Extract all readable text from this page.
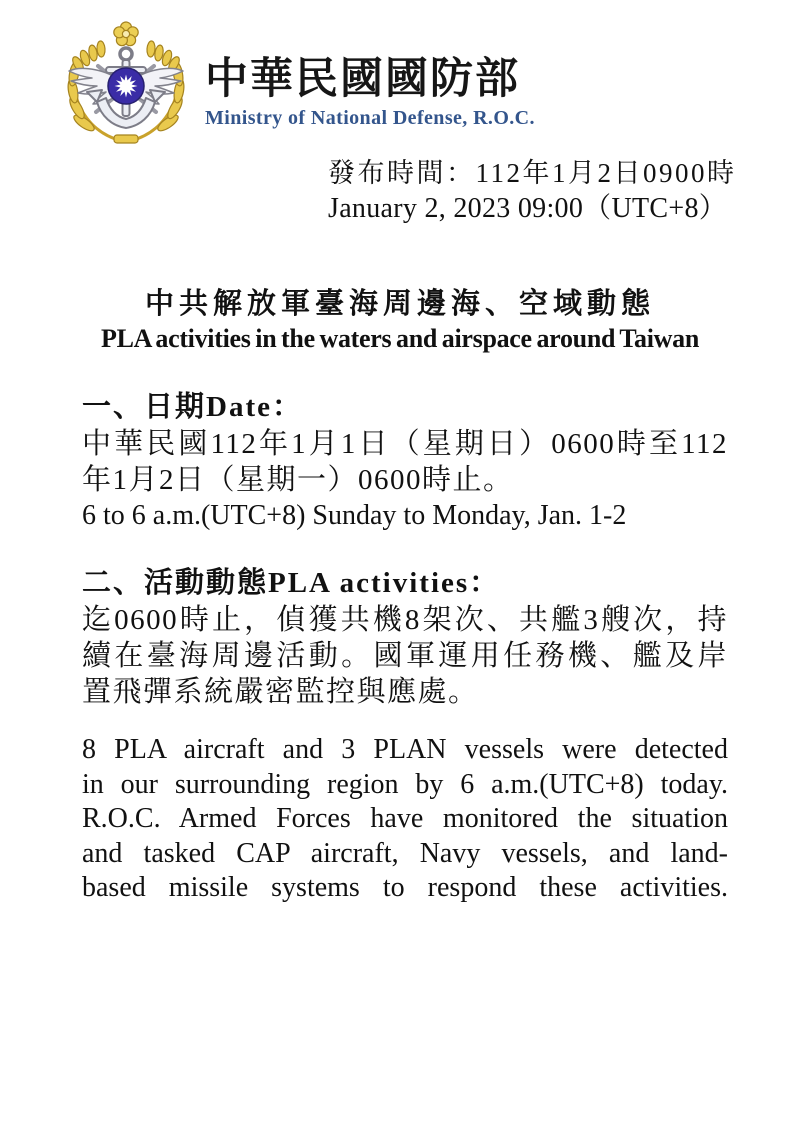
中華民國國防部
Ministry of National Defense, R.O.C.
發布時間：112年1月2日0900時
January 2, 2023 09:00（UTC+8）
中共解放軍臺海周邊海、空域動態
PLA activities in the waters and airspace around Taiwan
一、日期Date：
中華民國112年1月1日（星期日）0600時至112
年1月2日（星期一）0600時止。
6 to 6 a.m.(UTC+8) Sunday to Monday, Jan. 1-2
二、活動動態PLA activities：
迄0600時止，偵獲共機8架次、共艦3艘次，持
續在臺海周邊活動。國軍運用任務機、艦及岸
置飛彈系統嚴密監控與應處。
8 PLA aircraft and 3 PLAN vessels were detected
in our surrounding region by 6 a.m.(UTC+8) today.
R.O.C. Armed Forces have monitored the situation
and tasked CAP aircraft, Navy vessels, and land-
based missile systems to respond these activities.
